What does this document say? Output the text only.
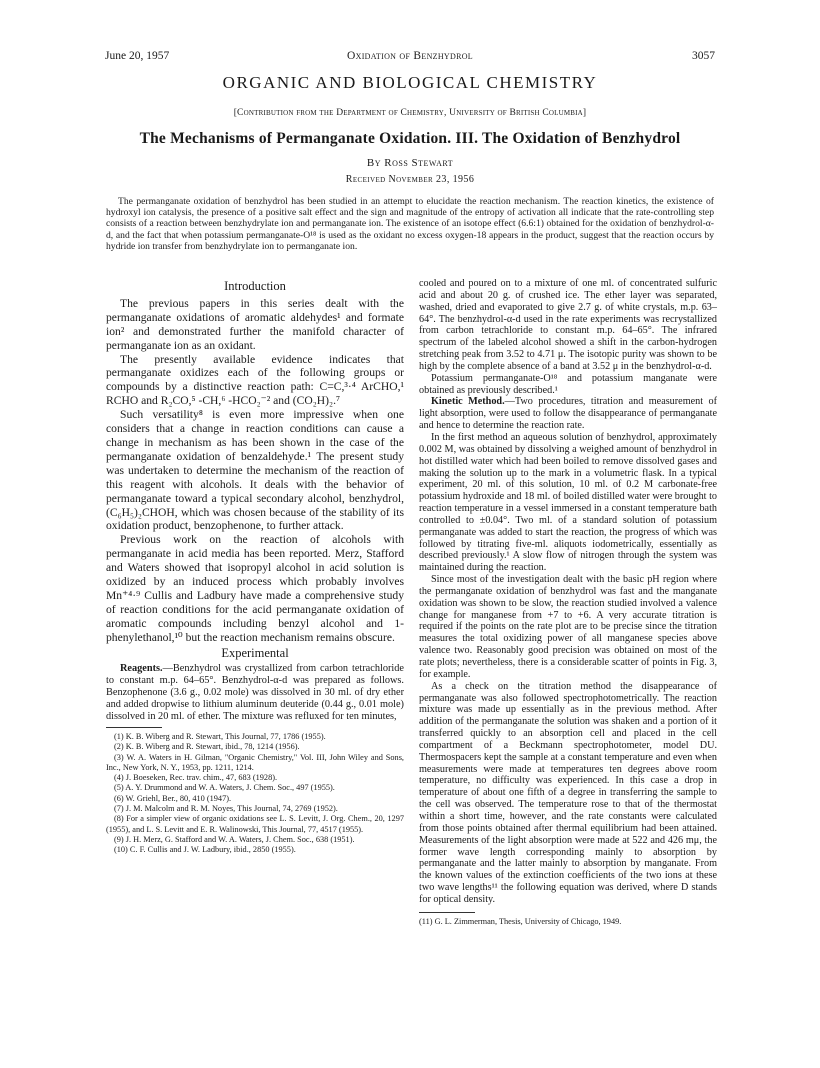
June 20, 1957	Oxidation of Benzhydrol	3057
ORGANIC AND BIOLOGICAL CHEMISTRY
[Contribution from the Department of Chemistry, University of British Columbia]
The Mechanisms of Permanganate Oxidation. III. The Oxidation of Benzhydrol
By Ross Stewart
Received November 23, 1956
The permanganate oxidation of benzhydrol has been studied in an attempt to elucidate the reaction mechanism. The reaction kinetics, the existence of hydroxyl ion catalysis, the presence of a positive salt effect and the sign and magnitude of the entropy of activation all indicate that the rate-controlling step consists of a reaction between benzhydrylate ion and permanganate ion. The existence of an isotope effect (6.6:1) obtained for the oxidation of benzhydrol-α-d, and the fact that when potassium permanganate-O¹⁸ is used as the oxidant no excess oxygen-18 appears in the product, suggest that the reaction occurs by hydride ion transfer from benzhydrylate ion to permanganate ion.

Introduction

The previous papers in this series dealt with the permanganate oxidations of aromatic aldehydes¹ and formate ion² and demonstrated further the manifold character of permanganate ion as an oxidant.

The presently available evidence indicates that permanganate oxidizes each of the following groups or compounds by a distinctive reaction path: C=C,³·⁴ ArCHO,¹ RCHO and R₂CO,⁵ -CH,⁶ -HCO₂⁻² and (CO₂H)₂.⁷

Such versatility⁸ is even more impressive when one considers that a change in reaction conditions can cause a change in mechanism as has been shown in the case of the permanganate oxidation of benzaldehyde.¹ The present study was undertaken to determine the mechanism of the reaction of this reagent with alcohols. It deals with the behavior of permanganate toward a typical secondary alcohol, benzhydrol, (C₆H₅)₂CHOH, which was chosen because of the stability of its oxidation product, benzophenone, to further attack.

Previous work on the reaction of alcohols with permanganate in acid media has been reported. Merz, Stafford and Waters showed that isopropyl alcohol in acid solution is oxidized by an induced process which probably involves Mn⁺⁴·⁹ Cullis and Ladbury have made a comprehensive study of reaction conditions for the acid permanganate oxidation of aromatic compounds including benzyl alcohol and 1-phenylethanol,¹⁰ but the reaction mechanism remains obscure.

Experimental

Reagents.—Benzhydrol was crystallized from carbon tetrachloride to constant m.p. 64–65°. Benzhydrol-α-d was prepared as follows. Benzophenone (3.6 g., 0.02 mole) was dissolved in 30 ml. of dry ether and added dropwise to lithium aluminum deuteride (0.44 g., 0.01 mole) dissolved in 20 ml. of ether. The mixture was refluxed for ten minutes,

(1) K. B. Wiberg and R. Stewart, This Journal, 77, 1786 (1955).
(2) K. B. Wiberg and R. Stewart, ibid., 78, 1214 (1956).
(3) W. A. Waters in H. Gilman, "Organic Chemistry," Vol. III, John Wiley and Sons, Inc., New York, N. Y., 1953, pp. 1211, 1214.
(4) J. Boeseken, Rec. trav. chim., 47, 683 (1928).
(5) A. Y. Drummond and W. A. Waters, J. Chem. Soc., 497 (1955).
(6) W. Griehl, Ber., 80, 410 (1947).
(7) J. M. Malcolm and R. M. Noyes, This Journal, 74, 2769 (1952).
(8) For a simpler view of organic oxidations see L. S. Levitt, J. Org. Chem., 20, 1297 (1955), and L. S. Levitt and E. R. Walinowski, This Journal, 77, 4517 (1955).
(9) J. H. Merz, G. Stafford and W. A. Waters, J. Chem. Soc., 638 (1951).
(10) C. F. Cullis and J. W. Ladbury, ibid., 2850 (1955).

cooled and poured on to a mixture of one ml. of concentrated sulfuric acid and about 20 g. of crushed ice. The ether layer was separated, washed, dried and evaporated to give 2.7 g. of white crystals, m.p. 63–64°. The benzhydrol-α-d used in the rate experiments was recrystallized from carbon tetrachloride to constant m.p. 64–65°. The infrared spectrum of the labeled alcohol showed a shift in the carbon-hydrogen stretching peak from 3.52 to 4.71 μ. The isotopic purity was shown to be high by the complete absence of a band at 3.52 μ in the benzhydrol-α-d.

Potassium permanganate-O¹⁸ and potassium manganate were obtained as previously described.¹

Kinetic Method.—Two procedures, titration and measurement of light absorption, were used to follow the disappearance of permanganate and hence to determine the reaction rate.

In the first method an aqueous solution of benzhydrol, approximately 0.002 M, was obtained by dissolving a weighed amount of benzhydrol in hot distilled water which had been boiled to remove dissolved gases and making the solution up to the mark in a volumetric flask. In a typical experiment, 20 ml. of this solution, 10 ml. of 0.2 M carbonate-free potassium hydroxide and 18 ml. of boiled distilled water were brought to reaction temperature in a vessel immersed in a constant temperature bath controlled to ±0.04°. Two ml. of a standard solution of potassium permanganate was added to start the reaction, the progress of which was followed by titrating five-ml. aliquots iodometrically, essentially as described previously.¹ A slow flow of nitrogen through the system was maintained during the reaction.

Since most of the investigation dealt with the basic pH region where the permanganate oxidation of benzhydrol was fast and the manganate oxidation was shown to be slow, the reaction studied involved a valence change for manganese from +7 to +6. A very accurate titration is required if the points on the rate plot are to be precise since the titration measures the total oxidizing power of all manganese species above valence two. Reasonably good precision was obtained on most of the rate plots; nevertheless, there is a considerable scatter of points in Fig. 3, for example.

As a check on the titration method the disappearance of permanganate was also followed spectrophotometrically. The reaction mixture was made up essentially as in the previous method. After addition of the permanganate the solution was shaken and a portion of it transferred quickly to an absorption cell and placed in the cell compartment of a Beckmann spectrophotometer, model DU. Thermospacers kept the sample at a constant temperature and even when measurements were made at temperatures ten degrees above room temperature, no difficulty was experienced. In this case a drop in temperature of about one fifth of a degree in transferring the sample to the cell was observed. The temperature rose to that of the thermostat within a short time, however, and the rate constants were calculated from those points obtained after thermal equilibrium had been attained. Measurements of the light absorption were made at 522 and 426 mμ, the former wave length corresponding mainly to absorption by permanganate and the latter mainly to absorption by manganate. From the known values of the extinction coefficients of the two ions at these two wave lengths¹¹ the following equation was derived, where D stands for optical density.

(11) G. L. Zimmerman, Thesis, University of Chicago, 1949.
